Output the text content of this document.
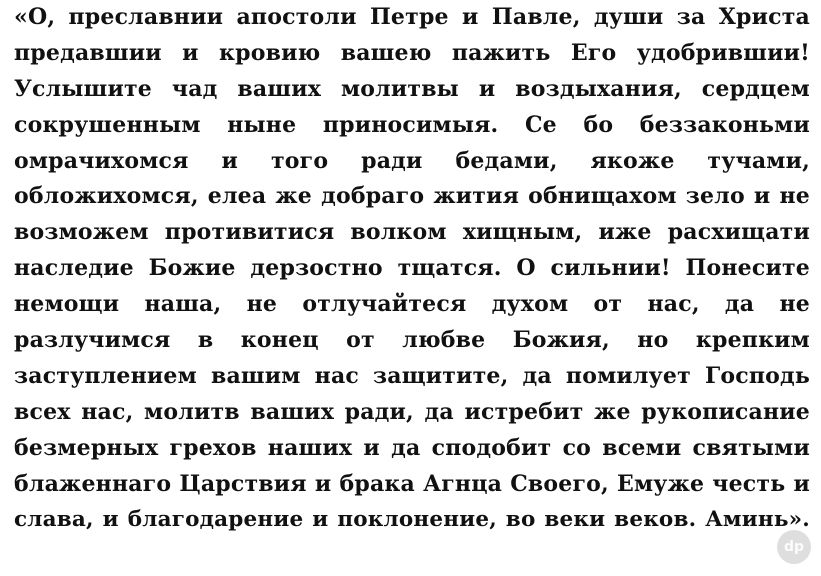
«О, преславнии апостоли Петре и Павле, души за Христа
предавшии и кровию вашею пажить Его удобрившии!
Услышите чад ваших молитвы и воздыхания, сердцем
сокрушенным ныне приносимыя. Се бо беззаконьми
омрачихомся и того ради бедами, якоже тучами,
обложихомся, елеа же добраго жития обнищахом зело и не
возможем противитися волком хищным, иже расхищати
наследие Божие дерзостно тщатся. О сильнии! Понесите
немощи наша, не отлучайтеся духом от нас, да не
разлучимся в конец от любве Божия, но крепким
заступлением вашим нас защитите, да помилует Господь
всех нас, молитв ваших ради, да истребит же рукописание
безмерных грехов наших и да сподобит со всеми святыми
блаженнаго Царствия и брака Агнца Своего, Емуже честь и
слава, и благодарение и поклонение, во веки веков. Аминь».
dp
